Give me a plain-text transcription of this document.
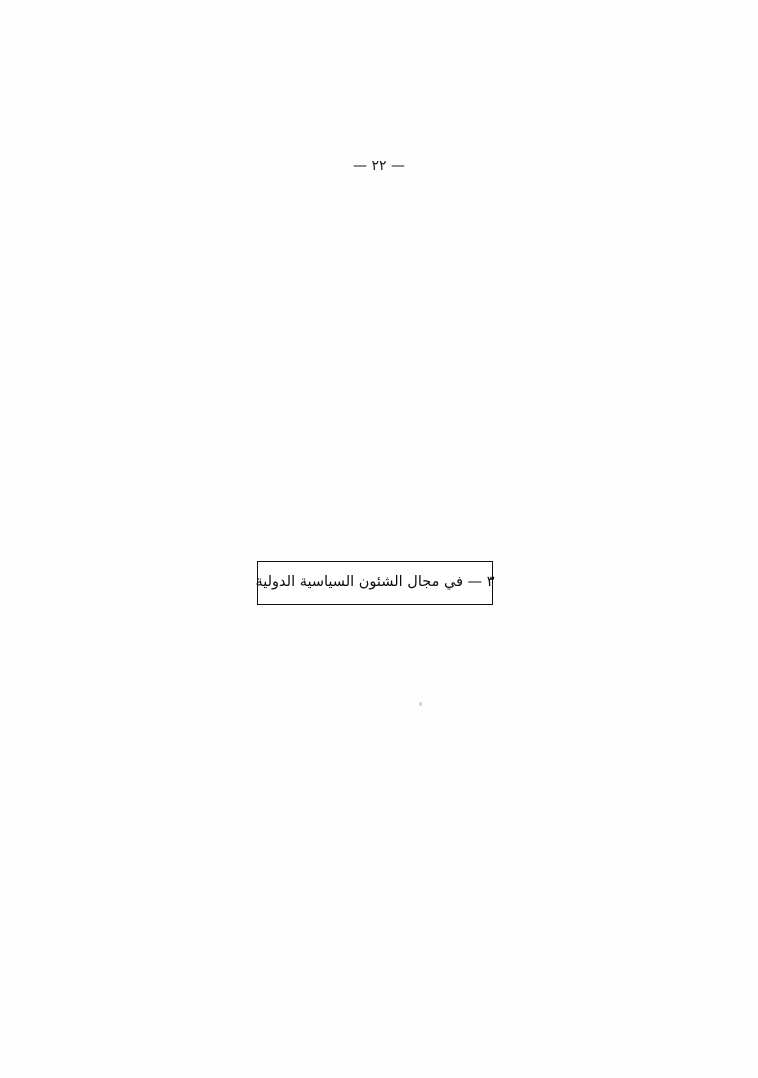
— ٢٢ —
٣ — في مجال الشئون السياسية الدولية
